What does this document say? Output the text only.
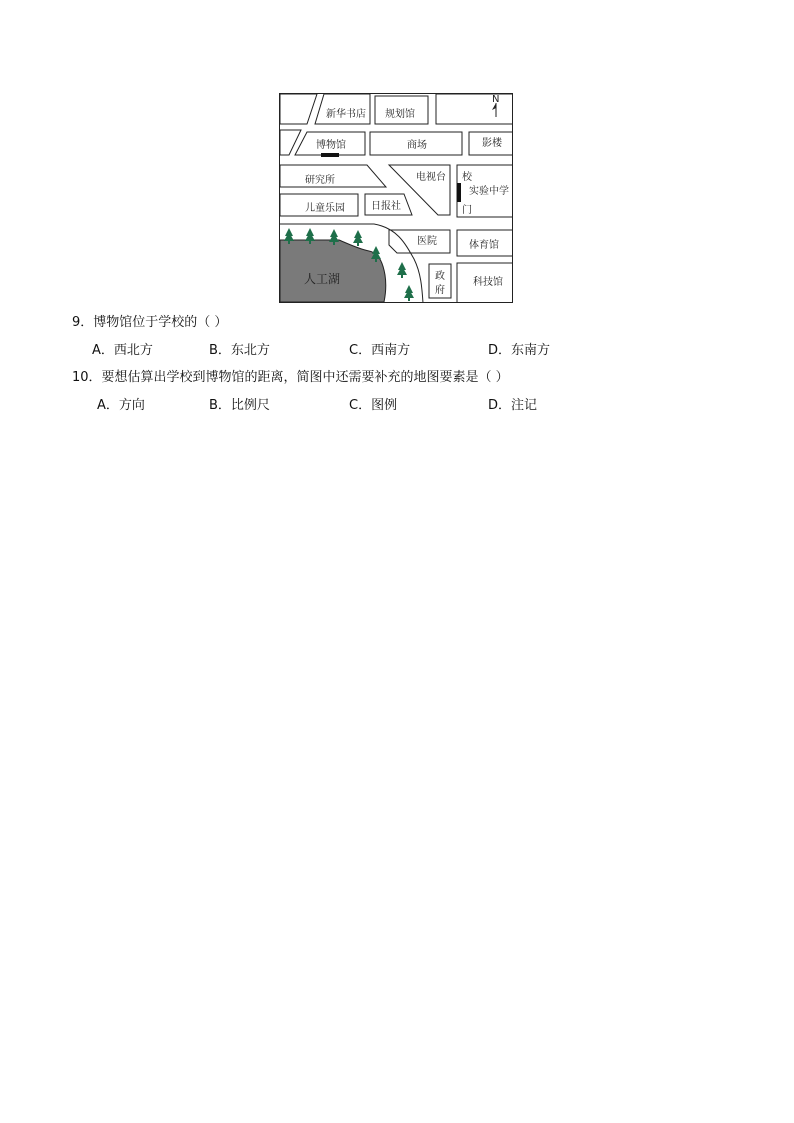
N
新华书店 规划馆
博物馆	商场	影楼
研究所	电视台 校
实验中学
门
儿童乐园	日报社
医院	体育馆
政
府
科技馆
人工湖
9．博物馆位于学校的（ ）
A．西北方	B．东北方	C．西南方	D．东南方
10．要想估算出学校到博物馆的距离，简图中还需要补充的地图要素是（ ）
A．方向	B．比例尺	C．图例	D．注记
